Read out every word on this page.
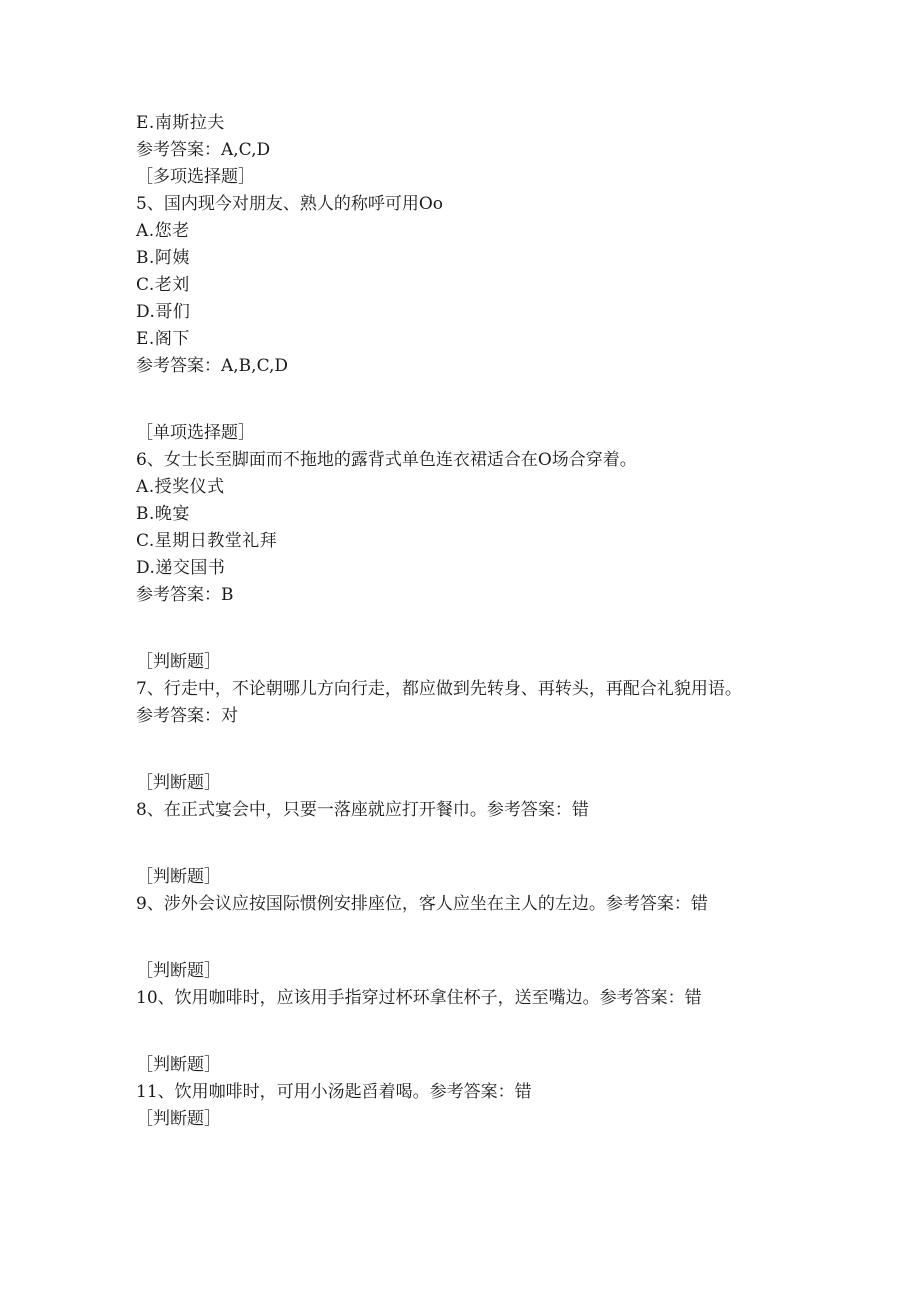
E.南斯拉夫
参考答案：A,C,D
［多项选择题］
5、国内现今对朋友、熟人的称呼可用Oo
A.您老
B.阿姨
C.老刘
D.哥们
E.阁下
参考答案：A,B,C,D
［单项选择题］
6、女士长至脚面而不拖地的露背式单色连衣裙适合在O场合穿着。
A.授奖仪式
B.晚宴
C.星期日教堂礼拜
D.递交国书
参考答案：B
［判断题］
7、行走中，不论朝哪儿方向行走，都应做到先转身、再转头，再配合礼貌用语。
参考答案：对
［判断题］
8、在正式宴会中，只要一落座就应打开餐巾。参考答案：错
［判断题］
9、涉外会议应按国际惯例安排座位，客人应坐在主人的左边。参考答案：错
［判断题］
10、饮用咖啡时，应该用手指穿过杯环拿住杯子，送至嘴边。参考答案：错
［判断题］
11、饮用咖啡时，可用小汤匙舀着喝。参考答案：错
［判断题］
